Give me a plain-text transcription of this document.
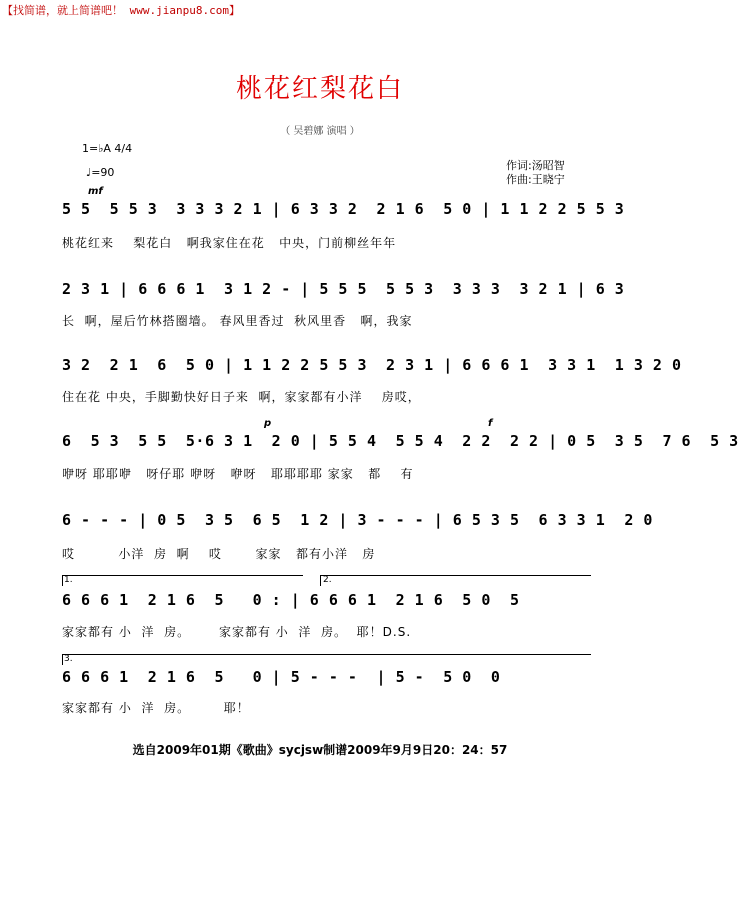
【找简谱，就上简谱吧！ www.jianpu8.com】
桃花红梨花白
（ 吴碧娜 演唱 ）
1=♭A 4/4
♩=90
作词:汤昭智
作曲:王晓宁
mf
5 5  5 5 3  3 3 3 2 1 | 6 3 3 2  2 1 6  5 0 | 1 1 2 2 5 5 3
桃花红来    梨花白   啊我家住在花   中央，门前柳丝年年
2 3 1 | 6 6 6 1  3 1 2 - | 5 5 5  5 5 3  3 3 3  3 2 1 | 6 3
长  啊，屋后竹林搭圈墙。 春风里香过  秋风里香   啊，我家
3 2  2 1  6  5 0 | 1 1 2 2 5 5 3  2 3 1 | 6 6 6 1  3 3 1  1 3 2 0
住在花 中央，手脚勤快好日子来  啊，家家都有小洋    房哎，
p	f
6  5 3  5 5  5·6 3 1  2 0 | 5 5 4  5 5 4  2 2  2 2 | 0 5  3 5  7 6  5 3
咿呀 耶耶咿   呀仔耶 咿呀   咿呀   耶耶耶耶 家家   都    有
6 - - - | 0 5  3 5  6 5  1 2 | 3 - - - | 6 5 3 5  6 3 3 1  2 0
哎         小洋  房  啊    哎       家家   都有小洋   房
1.	2.
6 6 6 1  2 1 6  5   0 : | 6 6 6 1  2 1 6  5 0  5
家家都有 小  洋  房。      家家都有 小  洋  房。  耶！D.S.
3.
6 6 6 1  2 1 6  5   0 | 5 - - -  | 5 -  5 0  0
家家都有 小  洋  房。       耶！
选自2009年01期《歌曲》sycjsw制谱2009年9月9日20：24：57
